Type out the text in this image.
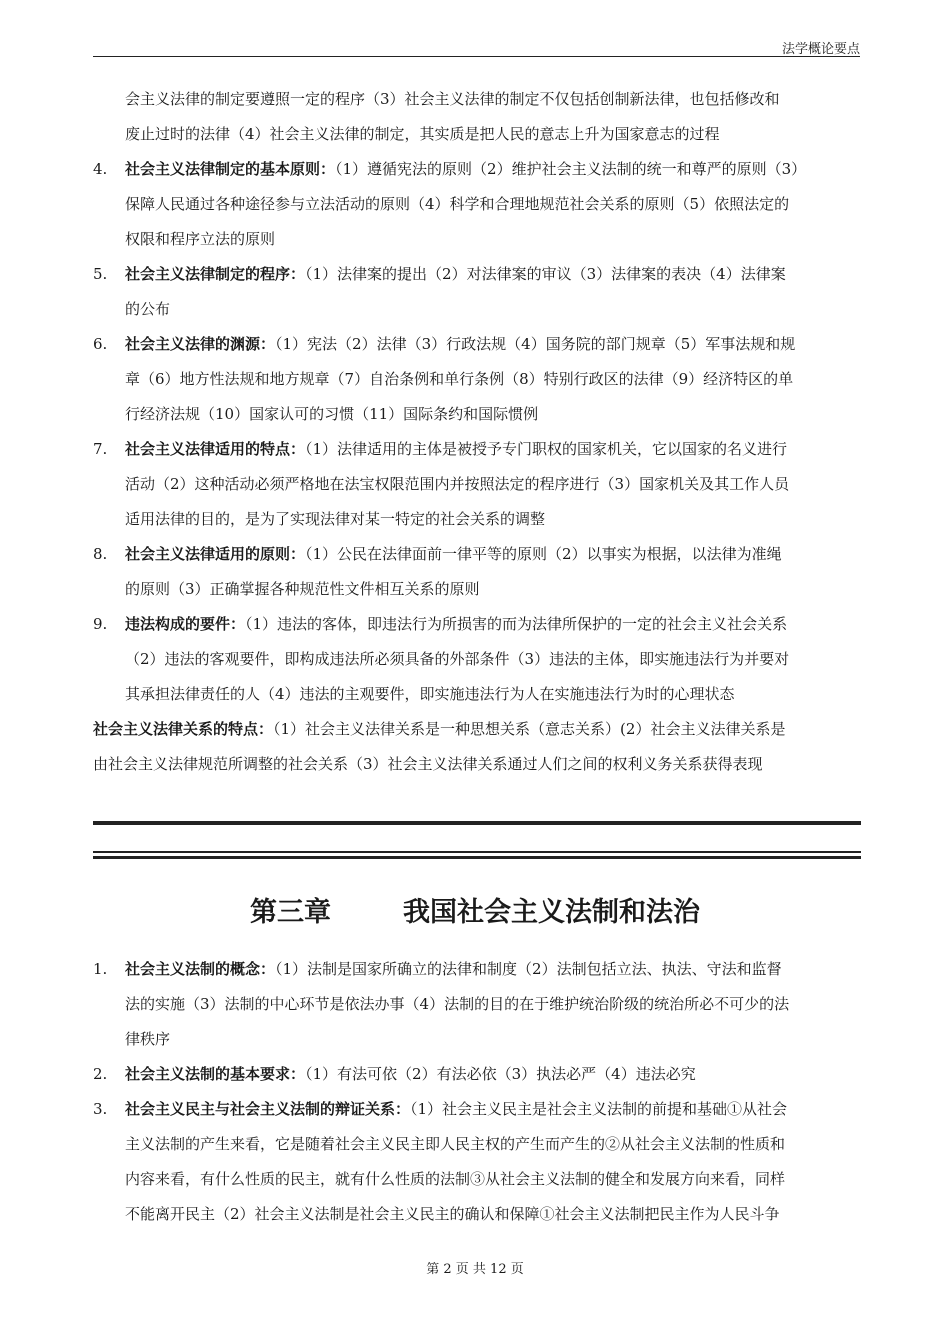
法学概论要点
会主义法律的制定要遵照一定的程序（3）社会主义法律的制定不仅包括创制新法律，也包括修改和
废止过时的法律（4）社会主义法律的制定，其实质是把人民的意志上升为国家意志的过程
4. 社会主义法律制定的基本原则：（1）遵循宪法的原则（2）维护社会主义法制的统一和尊严的原则（3）
保障人民通过各种途径参与立法活动的原则（4）科学和合理地规范社会关系的原则（5）依照法定的
权限和程序立法的原则
5. 社会主义法律制定的程序：（1）法律案的提出（2）对法律案的审议（3）法律案的表决（4）法律案
的公布
6. 社会主义法律的渊源：（1）宪法（2）法律（3）行政法规（4）国务院的部门规章（5）军事法规和规
章（6）地方性法规和地方规章（7）自治条例和单行条例（8）特别行政区的法律（9）经济特区的单
行经济法规（10）国家认可的习惯（11）国际条约和国际惯例
7. 社会主义法律适用的特点：（1）法律适用的主体是被授予专门职权的国家机关，它以国家的名义进行
活动（2）这种活动必须严格地在法宝权限范围内并按照法定的程序进行（3）国家机关及其工作人员
适用法律的目的，是为了实现法律对某一特定的社会关系的调整
8. 社会主义法律适用的原则：（1）公民在法律面前一律平等的原则（2）以事实为根据，以法律为准绳
的原则（3）正确掌握各种规范性文件相互关系的原则
9. 违法构成的要件：（1）违法的客体，即违法行为所损害的而为法律所保护的一定的社会主义社会关系
（2）违法的客观要件，即构成违法所必须具备的外部条件（3）违法的主体，即实施违法行为并要对
其承担法律责任的人（4）违法的主观要件，即实施违法行为人在实施违法行为时的心理状态
社会主义法律关系的特点：（1）社会主义法律关系是一种思想关系（意志关系）(2）社会主义法律关系是
由社会主义法律规范所调整的社会关系（3）社会主义法律关系通过人们之间的权利义务关系获得表现
第三章	我国社会主义法制和法治
1. 社会主义法制的概念：（1）法制是国家所确立的法律和制度（2）法制包括立法、执法、守法和监督
法的实施（3）法制的中心环节是依法办事（4）法制的目的在于维护统治阶级的统治所必不可少的法
律秩序
2. 社会主义法制的基本要求：（1）有法可依（2）有法必依（3）执法必严（4）违法必究
3. 社会主义民主与社会主义法制的辩证关系：（1）社会主义民主是社会主义法制的前提和基础①从社会
主义法制的产生来看，它是随着社会主义民主即人民主权的产生而产生的②从社会主义法制的性质和
内容来看，有什么性质的民主，就有什么性质的法制③从社会主义法制的健全和发展方向来看，同样
不能离开民主（2）社会主义法制是社会主义民主的确认和保障①社会主义法制把民主作为人民斗争
第 2 页 共 12 页
